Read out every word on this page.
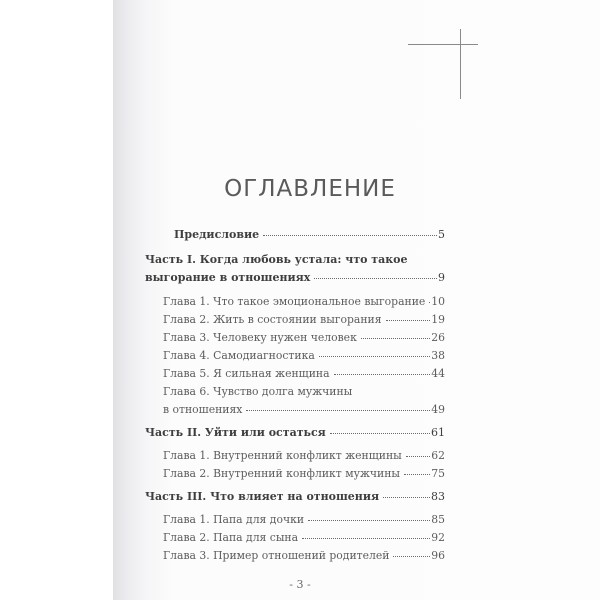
ОГЛАВЛЕНИЕ
Предисловие	5
Часть I. Когда любовь устала: что такое
выгорание в отношениях	9
Глава 1. Что такое эмоциональное выгорание 10
Глава 2. Жить в состоянии выгорания	19
Глава 3. Человеку нужен человек	26
Глава 4. Самодиагностика	38
Глава 5. Я сильная женщина	44
Глава 6. Чувство долга мужчины
в отношениях	49
Часть II. Уйти или остаться	61
Глава 1. Внутренний конфликт женщины	62
Глава 2. Внутренний конфликт мужчины	75
Часть III. Что влияет на отношения	83
Глава 1. Папа для дочки	85
Глава 2. Папа для сына	92
Глава 3. Пример отношений родителей	96
- 3 -
